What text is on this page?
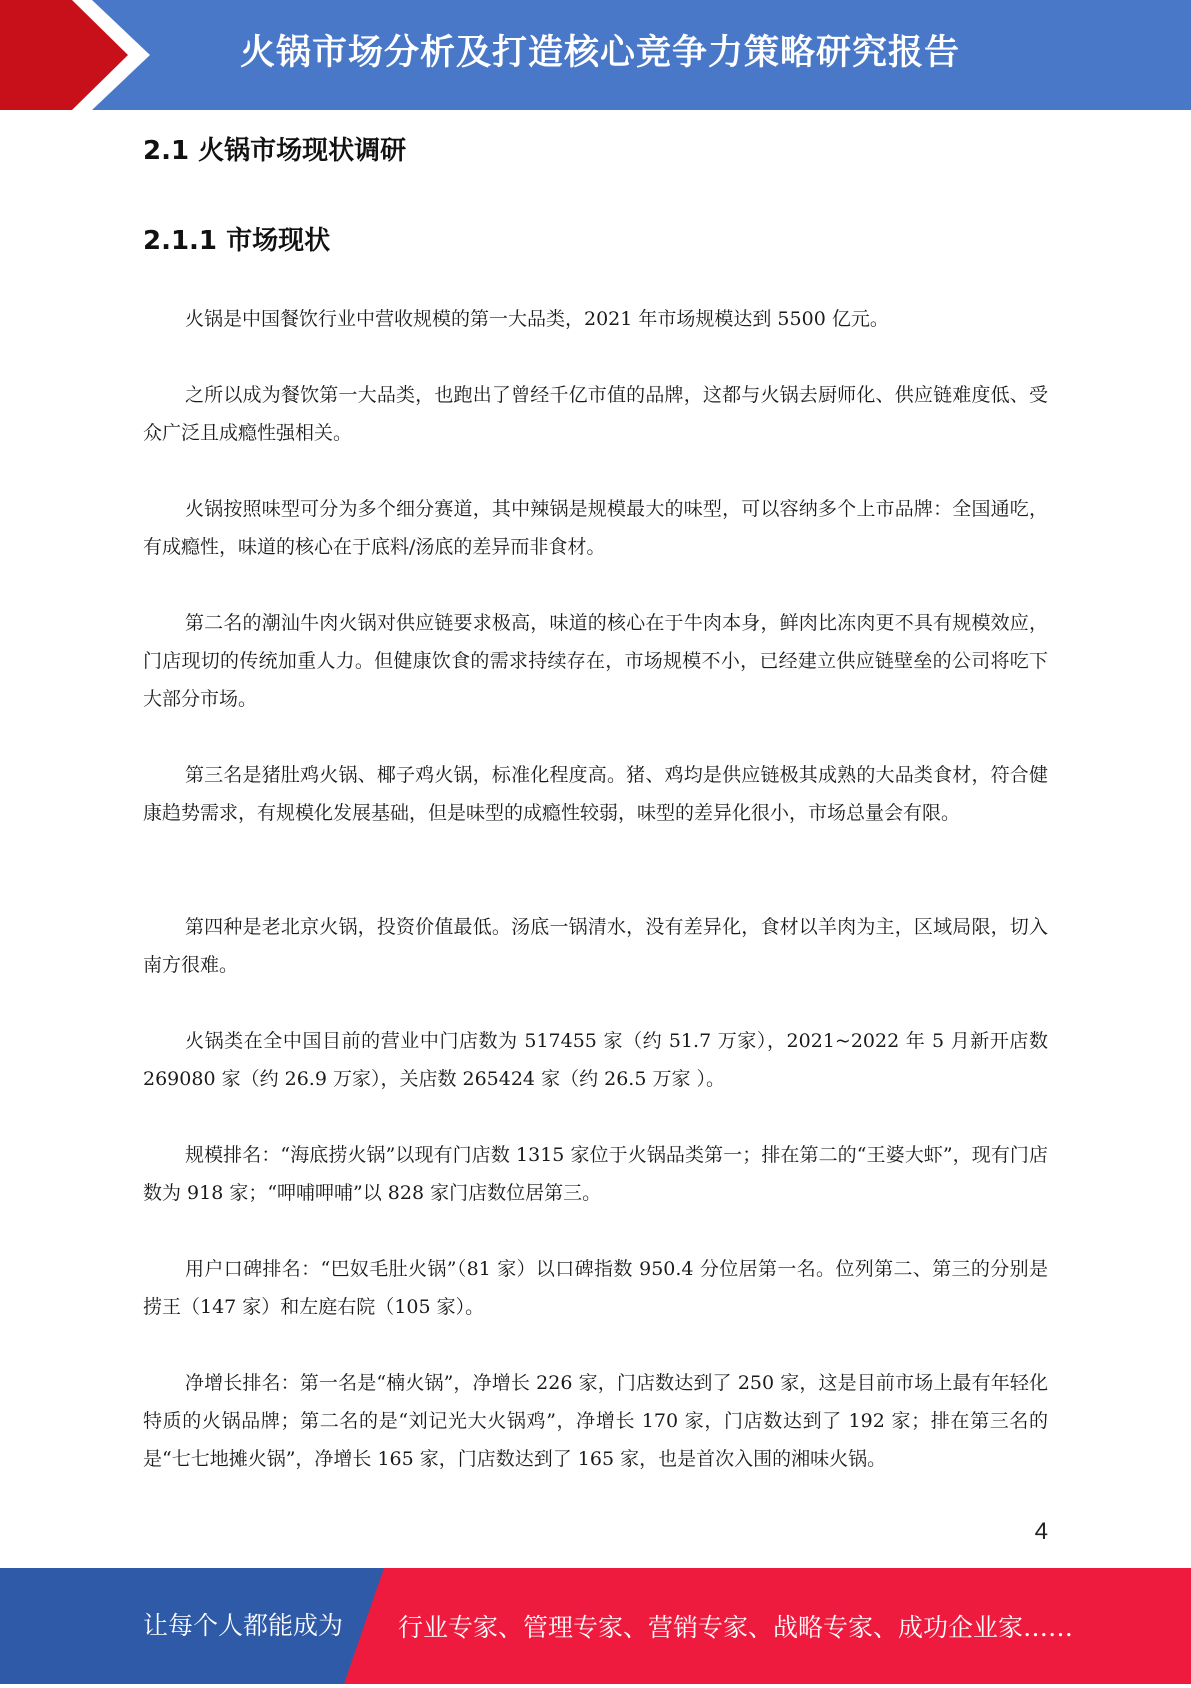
火锅市场分析及打造核心竞争力策略研究报告
2.1 火锅市场现状调研
2.1.1 市场现状

火锅是中国餐饮行业中营收规模的第一大品类，2021 年市场规模达到 5500 亿元。

之所以成为餐饮第一大品类，也跑出了曾经千亿市值的品牌，这都与火锅去厨师化、供应链难度低、受众广泛且成瘾性强相关。

火锅按照味型可分为多个细分赛道，其中辣锅是规模最大的味型，可以容纳多个上市品牌：全国通吃，有成瘾性，味道的核心在于底料/汤底的差异而非食材。

第二名的潮汕牛肉火锅对供应链要求极高，味道的核心在于牛肉本身，鲜肉比冻肉更不具有规模效应，门店现切的传统加重人力。但健康饮食的需求持续存在，市场规模不小，已经建立供应链壁垒的公司将吃下大部分市场。

第三名是猪肚鸡火锅、椰子鸡火锅，标准化程度高。猪、鸡均是供应链极其成熟的大品类食材，符合健康趋势需求，有规模化发展基础，但是味型的成瘾性较弱，味型的差异化很小，市场总量会有限。

第四种是老北京火锅，投资价值最低。汤底一锅清水，没有差异化，食材以羊肉为主，区域局限，切入南方很难。

火锅类在全中国目前的营业中门店数为 517455 家（约 51.7 万家），2021~2022 年 5 月新开店数 269080 家（约 26.9 万家），关店数 265424 家（约 26.5 万家 ）。

规模排名：“海底捞火锅”以现有门店数 1315 家位于火锅品类第一；排在第二的“王婆大虾”，现有门店数为 918 家；“呷哺呷哺”以 828 家门店数位居第三。

用户口碑排名：“巴奴毛肚火锅”（81 家）以口碑指数 950.4 分位居第一名。位列第二、第三的分别是捞王（147 家）和左庭右院（105 家）。

净增长排名：第一名是“楠火锅”，净增长 226 家，门店数达到了 250 家，这是目前市场上最有年轻化特质的火锅品牌；第二名的是“刘记光大火锅鸡”，净增长 170 家，门店数达到了 192 家；排在第三名的是“七七地摊火锅”，净增长 165 家，门店数达到了 165 家，也是首次入围的湘味火锅。

4
让每个人都能成为 行业专家、管理专家、营销专家、战略专家、成功企业家……
